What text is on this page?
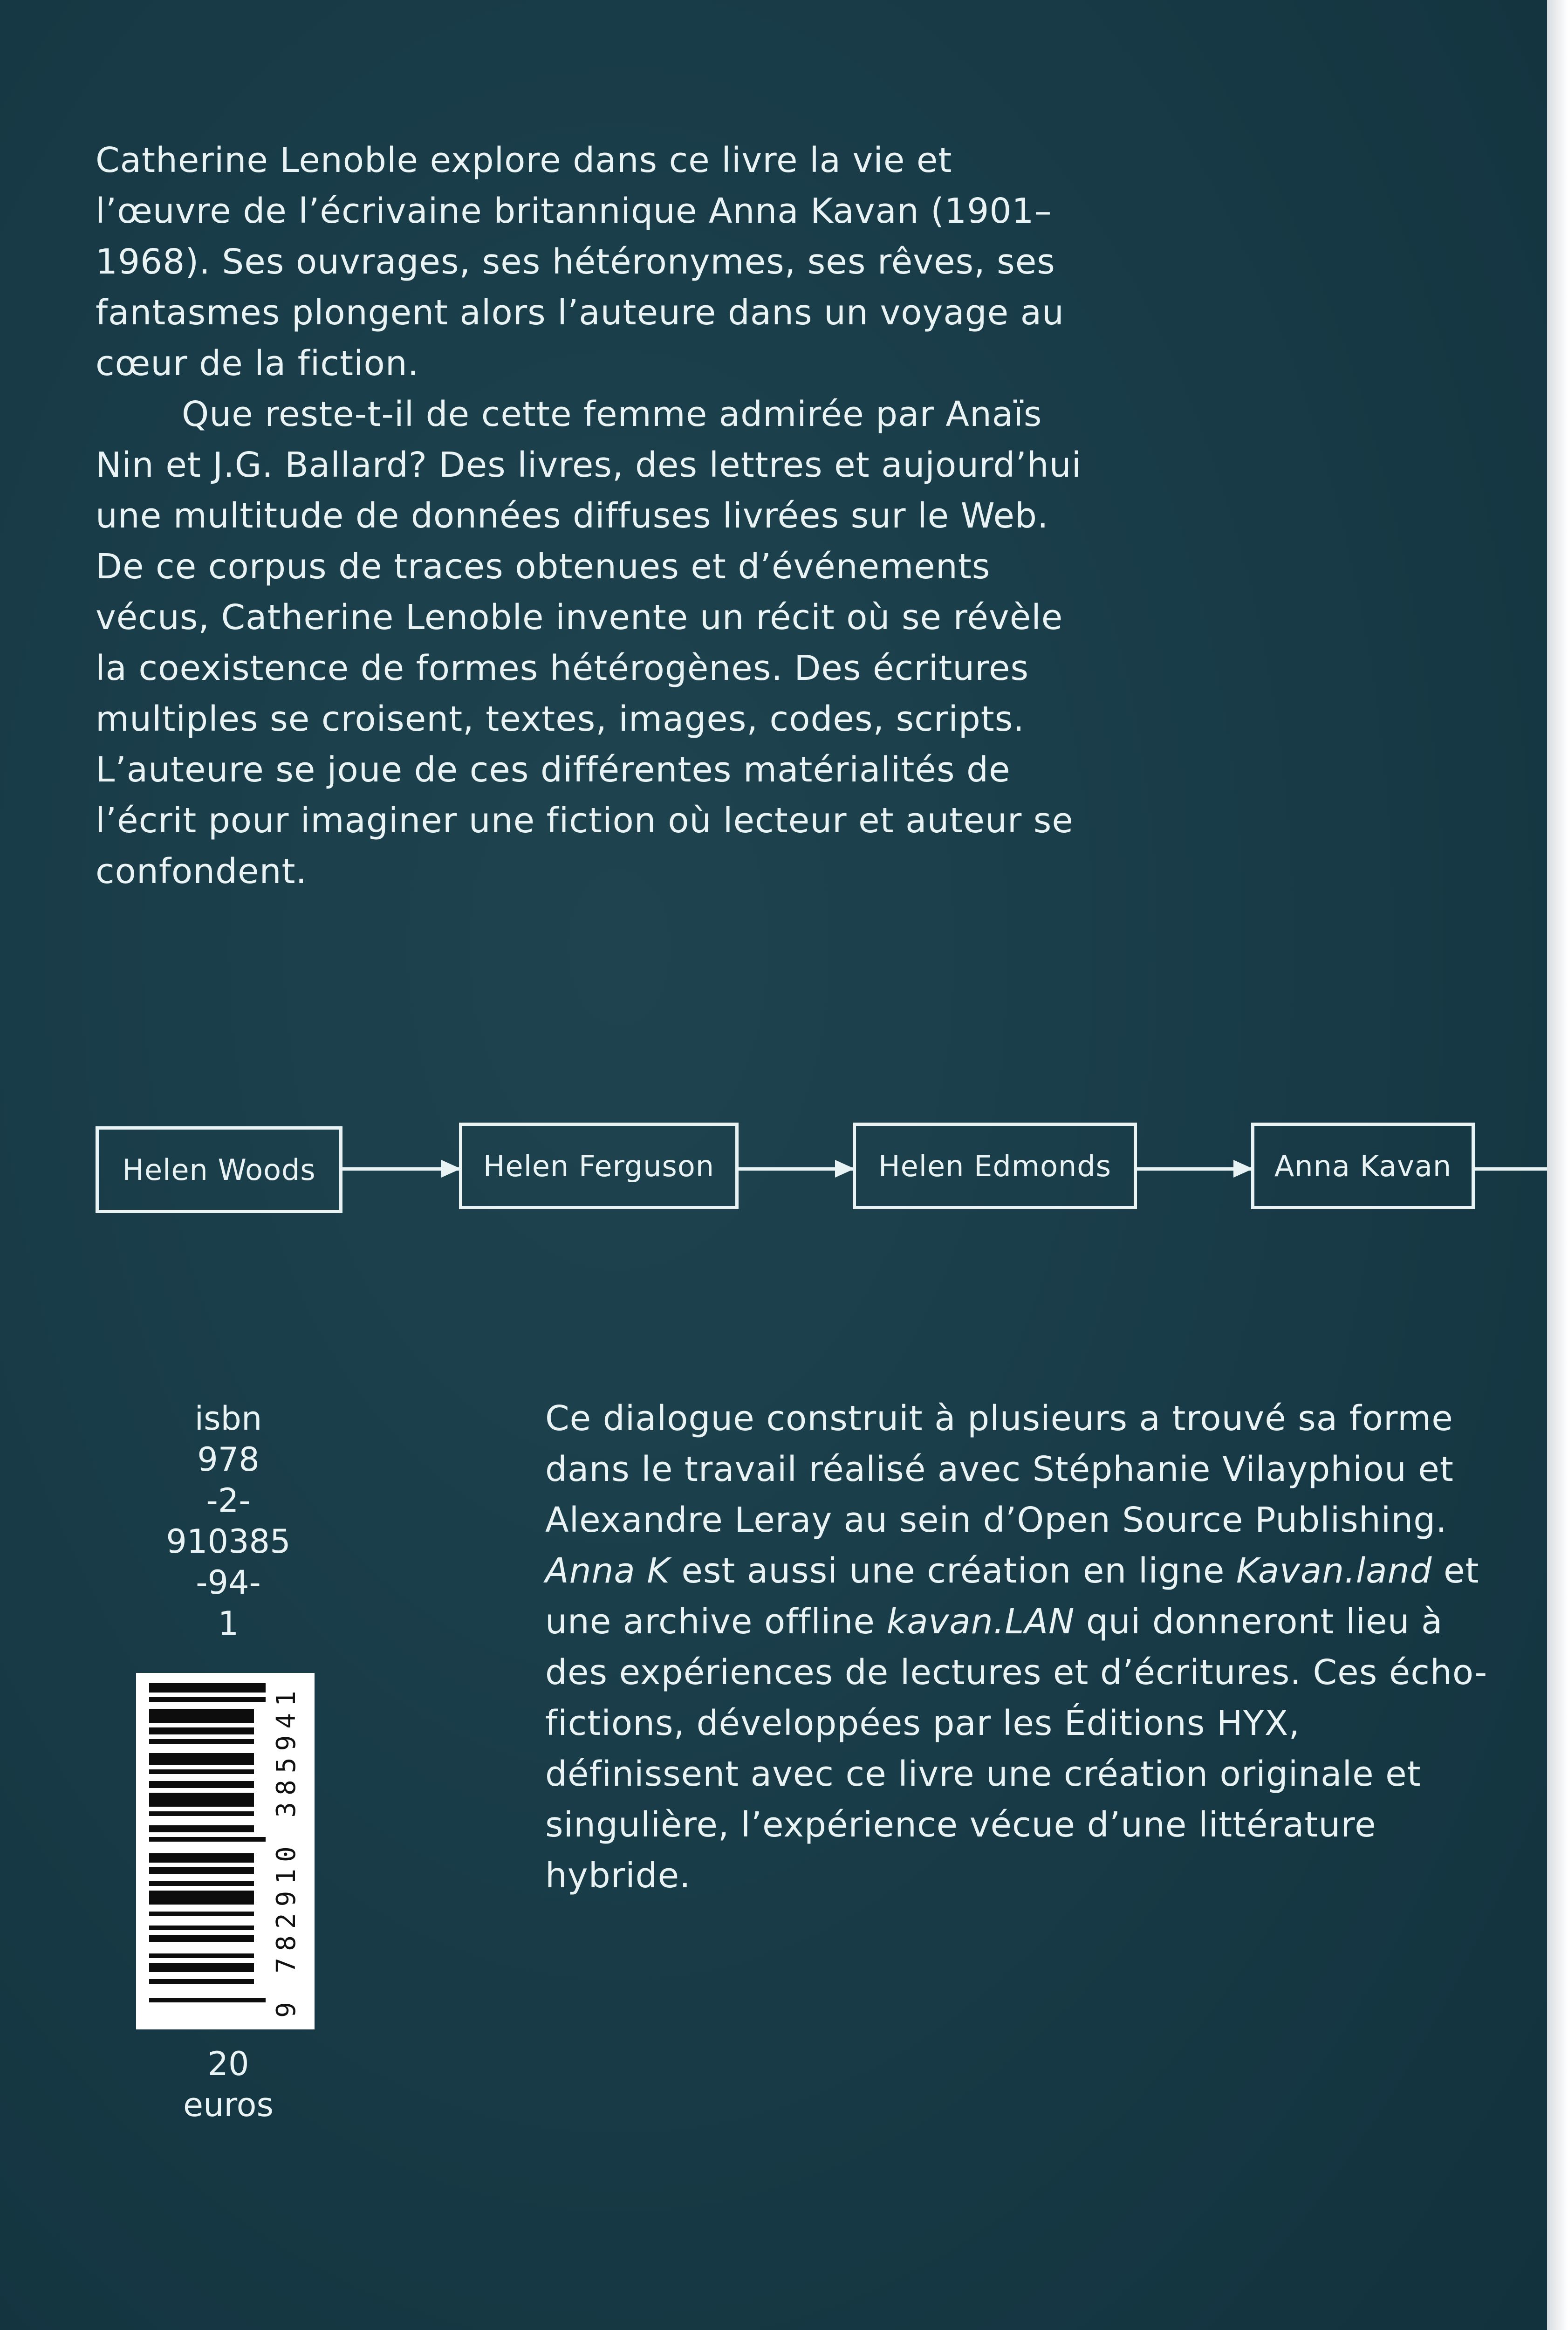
Catherine Lenoble explore dans ce livre la vie et l’œuvre de l’écrivaine britannique Anna Kavan (1901–1968). Ses ouvrages, ses hétéronymes, ses rêves, ses fantasmes plongent alors l’auteure dans un voyage au cœur de la fiction.

Que reste-t-il de cette femme admirée par Anaïs Nin et J.G. Ballard? Des livres, des lettres et aujourd’hui une multitude de données diffuses livrées sur le Web. De ce corpus de traces obtenues et d’événements vécus, Catherine Lenoble invente un récit où se révèle la coexistence de formes hétérogènes. Des écritures multiples se croisent, textes, images, codes, scripts. L’auteure se joue de ces différentes matérialités de l’écrit pour imaginer une fiction où lecteur et auteur se confondent.

Helen Woods	Helen Ferguson	Helen Edmonds	Anna Kavan
isbn
978
-2-
910385
-94-
1
9 782910 385941
20
euros
Ce dialogue construit à plusieurs a trouvé sa forme dans le travail réalisé avec Stéphanie Vilayphiou et Alexandre Leray au sein d’Open Source Publishing. Anna K est aussi une création en ligne Kavan.land et une archive offline kavan.LAN qui donneront lieu à des expériences de lectures et d’écritures. Ces écho-fictions, développées par les Éditions HYX, définissent avec ce livre une création originale et singulière, l’expérience vécue d’une littérature hybride.
